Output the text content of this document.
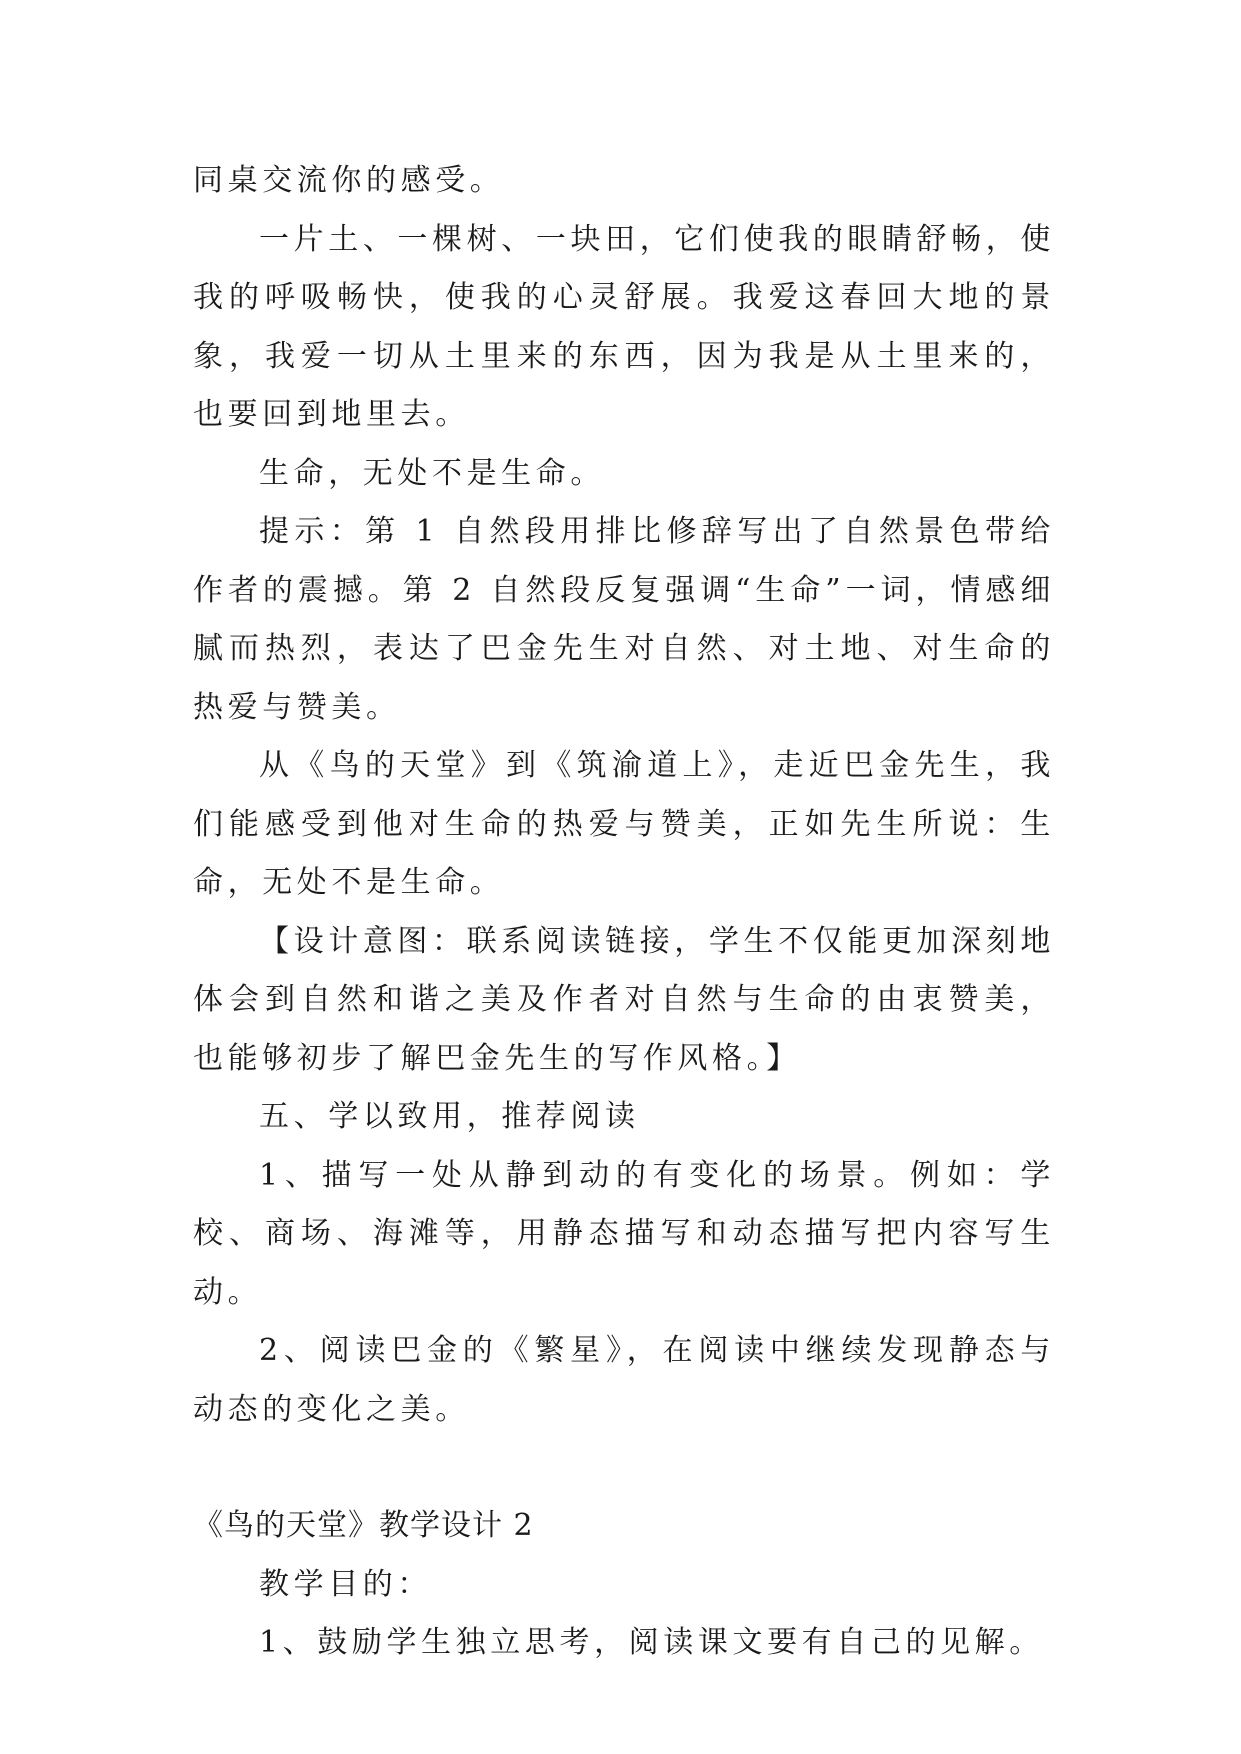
同桌交流你的感受。

一片土、一棵树、一块田，它们使我的眼睛舒畅，使我的呼吸畅快，使我的心灵舒展。我爱这春回大地的景象，我爱一切从土里来的东西，因为我是从土里来的，也要回到地里去。

生命，无处不是生命。

提示：第 1 自然段用排比修辞写出了自然景色带给作者的震撼。第 2 自然段反复强调“生命”一词，情感细腻而热烈，表达了巴金先生对自然、对土地、对生命的热爱与赞美。

从《鸟的天堂》到《筑渝道上》，走近巴金先生，我们能感受到他对生命的热爱与赞美，正如先生所说：生命，无处不是生命。

【设计意图：联系阅读链接，学生不仅能更加深刻地体会到自然和谐之美及作者对自然与生命的由衷赞美，也能够初步了解巴金先生的写作风格。】

五、学以致用，推荐阅读

1、描写一处从静到动的有变化的场景。例如：学校、商场、海滩等，用静态描写和动态描写把内容写生动。

2、阅读巴金的《繁星》，在阅读中继续发现静态与动态的变化之美。

《鸟的天堂》教学设计 2

教学目的：

1、鼓励学生独立思考，阅读课文要有自己的见解。
